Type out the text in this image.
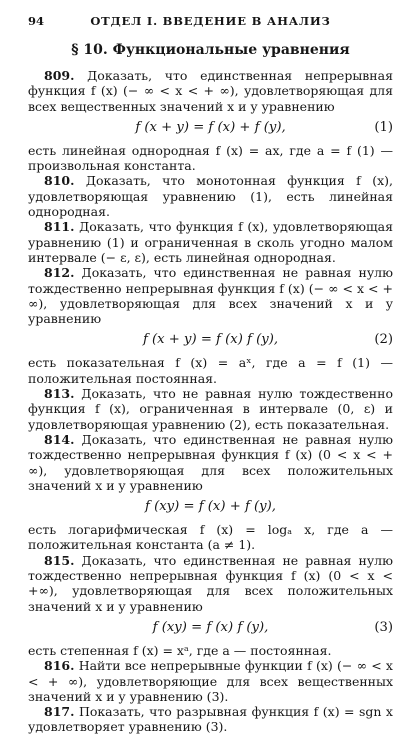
94	ОТДЕЛ I. ВВЕДЕНИЕ В АНАЛИЗ
§ 10. Функциональные уравнения

809. Доказать, что единственная непрерывная функция f (x) (− ∞ < x < + ∞), удовлетворяющая для всех вещественных значений x и y уравнению

f (x + y) = f (x) + f (y),	(1)

есть линейная однородная f (x) = ax, где a = f (1) — произвольная константа.

810. Доказать, что монотонная функция f (x), удовлетворяющая уравнению (1), есть линейная однородная.

811. Доказать, что функция f (x), удовлетворяющая уравнению (1) и ограниченная в сколь угодно малом интервале (− ε, ε), есть линейная однородная.

812. Доказать, что единственная не равная нулю тождественно непрерывная функция f (x) (− ∞ < x < + ∞), удовлетворяющая для всех значений x и y уравнению

f (x + y) = f (x) f (y),	(2)

есть показательная f (x) = aˣ, где a = f (1) — положительная постоянная.

813. Доказать, что не равная нулю тождественно функция f (x), ограниченная в интервале (0, ε) и удовлетворяющая уравнению (2), есть показательная.

814. Доказать, что единственная не равная нулю тождественно непрерывная функция f (x) (0 < x < + ∞), удовлетворяющая для всех положительных значений x и y уравнению

f (xy) = f (x) + f (y),

есть логарифмическая f (x) = logₐ x, где a — положительная константа (a ≠ 1).

815. Доказать, что единственная не равная нулю тождественно непрерывная функция f (x) (0 < x < +∞), удовлетворяющая для всех положительных значений x и y уравнению

f (xy) = f (x) f (y),	(3)

есть степенная f (x) = xᵃ, где a — постоянная.

816. Найти все непрерывные функции f (x) (− ∞ < x < + ∞), удовлетворяющие для всех вещественных значений x и y уравнению (3).

817. Показать, что разрывная функция f (x) = sgn x удовлетворяет уравнению (3).
